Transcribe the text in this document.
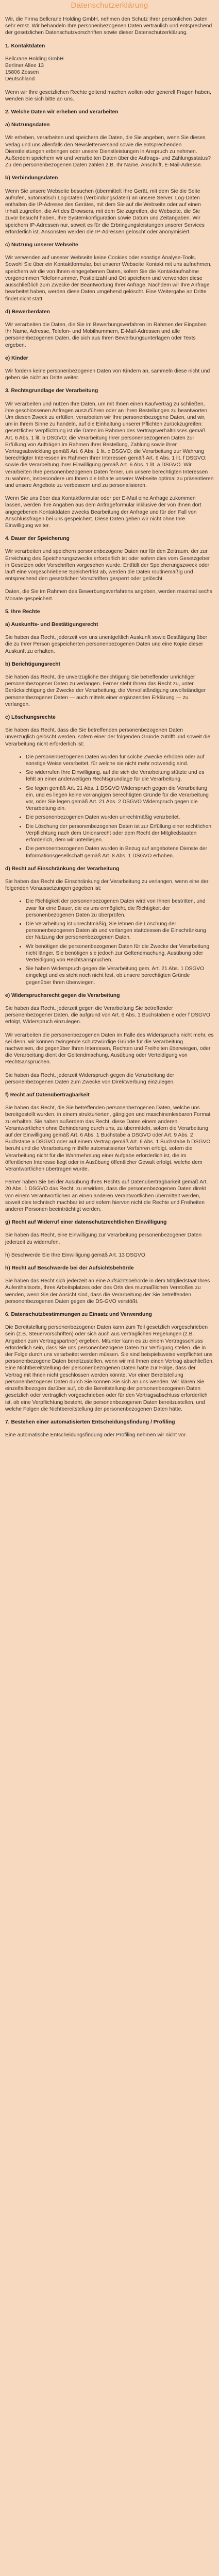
Datenschutzerklärung

Wir, die Firma Bellcrane Holding GmbH, nehmen den Schutz Ihrer persönlichen Daten sehr ernst. Wir behandeln Ihre personenbezogenen Daten vertraulich und entsprechend der gesetzlichen Datenschutzvorschriften sowie dieser Datenschutzerklärung.

1. Kontaktdaten
Bellcrane Holding GmbH
Berliner Allee 13
15806 Zossen
Deutschland

Wenn wir Ihre gesetzlichen Rechte geltend machen wollen oder generell Fragen haben, wenden Sie sich bitte an uns.

2. Welche Daten wir erheben und verarbeiten
a) Nutzungsdaten

Wir erheben, verarbeiten und speichern die Daten, die Sie angeben, wenn Sie dieses Verlag und uns allenfalls den Newsletterversand sowie die entsprechenden Dienstleistungen erbringen oder unsere Dienstleistungen in Anspruch zu nehmen. Außerdem speichern wir und verarbeiten Daten über die Auftrags- und Zahlungsstatus? Zu den personenbezogenen Daten zählen z.B. Ihr Name, Anschrift, E-Mail-Adresse.

b) Verbindungsdaten

Wenn Sie unsere Webseite besuchen (übermittelt Ihre Gerät, mit dem Sie die Seite aufrufen, automatisch Log-Daten (Verbindungsdaten) an unsere Server. Log-Daten enthalten die IP-Adresse des Gerätes, mit dem Sie auf die Webseite oder auf einen Inhalt zugreifen, die Art des Browsers, mit dem Sie zugreifen, die Webseite, die Sie zuvor besucht haben, Ihre Systemkonfiguration sowie Datum und Zeitangaben. Wir speichern IP-Adressen nur, soweit es für die Erbringungsleistungen unserer Services erforderlich ist. Ansonsten werden die IP-Adressen gelöscht oder anonymisiert.

c) Nutzung unserer Webseite

Wir verwenden auf unserer Webseite keine Cookies oder sonstige Analyse-Tools. Sowohl Sie über ein Kontaktformular, bei unserer Webseite Kontakt mit uns aufnehmen, speichern wir die von Ihnen eingegebenen Daten, sofern Sie die Kontaktaufnahme vorgenommen Telefonnummer, Postleitzahl und Ort speichern und verwenden diese ausschließlich zum Zwecke der Beantwortung Ihrer Anfrage. Nachdem wir Ihre Anfrage bearbeitet haben, werden diese Daten umgehend gelöscht. Eine Weitergabe an Dritte findet nicht statt.

d) Bewerberdaten

Wir verarbeiten die Daten, die Sie im Bewerbungsverfahren im Rahmen der Eingaben Ihr Name, Adresse, Telefon- und Mobilnummern, E-Mail-Adressen und alle personenbezogenen Daten, die sich aus Ihren Bewerbungsunterlagen oder Texts ergeben.

e) Kinder

Wir fordern keine personenbezogenen Daten von Kindern an, sammeln diese nicht und geben sie nicht an Dritte weiter.

3. Rechtsgrundlage der Verarbeitung

Wir verarbeiten und nutzen Ihre Daten, um mit Ihnen einen Kaufvertrag zu schließen, ihre geschlossenen Anfragen auszuführen oder an Ihren Bestellungen zu beantworten. Um diesen Zweck zu erfüllen, verarbeiten wir Ihre personenbezogene Daten, und wir, um in Ihrem Sinne zu handeln, auf die Einhaltung unserer Pflichten zurückzugreifen: gesetzlicher Verpflichtung ist die Daten im Rahmen des Vertragsverhältnisses gemäß Art. 6 Abs. 1 lit. b DSGVO; die Verarbeitung Ihrer personenbezogenen Daten zur Erfüllung von Aufträgen im Rahmen Ihrer Bestellung, Zahlung sowie ihrer Vertragsabwicklung gemäß Art. 6 Abs. 1 lit. c DSGVO; die Verarbeitung zur Wahrung berechtigter Interessen im Rahmen Ihrer Interessen gemäß Art. 6 Abs. 1 lit. f DSGVO; sowie die Verarbeitung Ihrer Einwilligung gemäß Art. 6 Abs. 1 lit. a DSGVO. Wir verarbeiten Ihre personenbezogenen Daten ferner, um unsere berechtigten Interessen zu wahren, insbesondere um Ihnen die Inhalte unserer Webseite optimal zu präsentieren und unsere Angebote zu verbessern und zu personalisieren.

Wenn Sie uns über das Kontaktformular oder per E-Mail eine Anfrage zukommen lassen, werden Ihre Angaben aus dem Anfrageformular inklusive der von Ihnen dort angegebenen Kontaktdaten zwecks Bearbeitung der Anfrage und für den Fall von Anschlussfragen bei uns gespeichert. Diese Daten geben wir nicht ohne Ihre Einwilligung weiter.

4. Dauer der Speicherung

Wir verarbeiten und speichern personenbezogene Daten nur für den Zeitraum, der zur Erreichung des Speicherungszwecks erforderlich ist oder sofern dies vom Gesetzgeber in Gesetzen oder Vorschriften vorgesehen wurde. Entfällt der Speicherungszweck oder läuft eine vorgeschriebene Speicherfrist ab, werden die Daten routinemäßig und entsprechend den gesetzlichen Vorschriften gesperrt oder gelöscht.

Daten, die Sie im Rahmen des Bewerbungsverfahrens angeben, werden maximal sechs Monate gespeichert.

5. Ihre Rechte
a) Auskunfts- und Bestätigungsrecht

Sie haben das Recht, jederzeit von uns unentgeltlich Auskunft sowie Bestätigung über die zu Ihrer Person gespeicherten personenbezogenen Daten und eine Kopie dieser Auskunft zu erhalten.

b) Berichtigungsrecht

Sie haben das Recht, die unverzügliche Berichtigung Sie betreffender unrichtiger personenbezogener Daten zu verlangen. Ferner steht Ihnen das Recht zu, unter Berücksichtigung der Zwecke der Verarbeitung, die Vervollständigung unvollständiger personenbezogener Daten — auch mittels einer ergänzenden Erklärung — zu verlangen.

c) Löschungsrechte

Sie haben das Recht, dass die Sie betreffenden personenbezogenen Daten unverzüglich gelöscht werden, sofern einer der folgenden Gründe zutrifft und soweit die Verarbeitung nicht erforderlich ist:

• Die personenbezogenen Daten wurden für solche Zwecke erhoben oder auf sonstige Weise verarbeitet, für welche sie nicht mehr notwendig sind.
• Sie widerrufen Ihre Einwilligung, auf die sich die Verarbeitung stützte und es fehlt an einer anderweitigen Rechtsgrundlage für die Verarbeitung.
• Sie legen gemäß Art. 21 Abs. 1 DSGVO Widerspruch gegen die Verarbeitung ein, und es liegen keine vorrangigen berechtigten Gründe für die Verarbeitung vor, oder Sie legen gemäß Art. 21 Abs. 2 DSGVO Widerspruch gegen die Verarbeitung ein.
• Die personenbezogenen Daten wurden unrechtmäßig verarbeitet.
• Die Löschung der personenbezogenen Daten ist zur Erfüllung einer rechtlichen Verpflichtung nach dem Unionsrecht oder dem Recht der Mitgliedstaaten erforderlich, dem wir unterliegen.
• Die personenbezogenen Daten wurden in Bezug auf angebotene Dienste der Informationsgesellschaft gemäß Art. 8 Abs. 1 DSGVO erhoben.
d) Recht auf Einschränkung der Verarbeitung

Sie haben das Recht die Einschränkung der Verarbeitung zu verlangen, wenn eine der folgenden Voraussetzungen gegeben ist:

• Die Richtigkeit der personenbezogenen Daten wird von Ihnen bestritten, und zwar für eine Dauer, die es uns ermöglicht, die Richtigkeit der personenbezogenen Daten zu überprüfen.
• Die Verarbeitung ist unrechtmäßig, Sie lehnen die Löschung der personenbezogenen Daten ab und verlangen stattdessen die Einschränkung der Nutzung der personenbezogenen Daten.
• Wir benötigen die personenbezogenen Daten für die Zwecke der Verarbeitung nicht länger, Sie benötigen sie jedoch zur Geltendmachung, Ausübung oder Verteidigung von Rechtsansprüchen.
• Sie haben Widerspruch gegen die Verarbeitung gem. Art. 21 Abs. 1 DSGVO eingelegt und es steht noch nicht fest, ob unsere berechtigten Gründe gegenüber Ihren überwiegen.
e) Widerspruchsrecht gegen die Verarbeitung

Sie haben das Recht, jederzeit gegen die Verarbeitung Sie betreffender personenbezogener Daten, die aufgrund von Art. 6 Abs. 1 Buchstaben e oder f DSGVO erfolgt, Widerspruch einzulegen.

Wir verarbeiten die personenbezogenen Daten im Falle des Widerspruchs nicht mehr, es sei denn, wir können zwingende schutzwürdige Gründe für die Verarbeitung nachweisen, die gegenüber Ihren Interessen, Rechten und Freiheiten überwiegen, oder die Verarbeitung dient der Geltendmachung, Ausübung oder Verteidigung von Rechtsansprüchen.

Sie haben das Recht, jederzeit Widerspruch gegen die Verarbeitung der personenbezogenen Daten zum Zwecke von Direktwerbung einzulegen.

f) Recht auf Datenübertragbarkeit

Sie haben das Recht, die Sie betreffenden personenbezogenen Daten, welche uns bereitgestellt wurden, in einem strukturierten, gängigen und maschinenlesbaren Format zu erhalten. Sie haben außerdem das Recht, diese Daten einem anderen Verantwortlichen ohne Behinderung durch uns, zu übermitteln, sofern die Verarbeitung auf der Einwilligung gemäß Art. 6 Abs. 1 Buchstabe a DSGVO oder Art. 9 Abs. 2 Buchstabe a DSGVO oder auf einem Vertrag gemäß Art. 6 Abs. 1 Buchstabe b DSGVO beruht und die Verarbeitung mithilfe automatisierter Verfahren erfolgt, sofern die Verarbeitung nicht für die Wahrnehmung einer Aufgabe erforderlich ist, die im öffentlichen Interesse liegt oder in Ausübung öffentlicher Gewalt erfolgt, welche dem Verantwortlichen übertragen wurde.

Ferner haben Sie bei der Ausübung Ihres Rechts auf Datenübertragbarkeit gemäß Art. 20 Abs. 1 DSGVO das Recht, zu erwirken, dass die personenbezogenen Daten direkt von einem Verantwortlichen an einen anderen Verantwortlichen übermittelt werden, soweit dies technisch machbar ist und sofern hiervon nicht die Rechte und Freiheiten anderer Personen beeinträchtigt werden.

g) Recht auf Widerruf einer datenschutzrechtlichen Einwilligung

Sie haben das Recht, eine Einwilligung zur Verarbeitung personenbezogener Daten jederzeit zu widerrufen.

h) Beschwerde Sie Ihre Einwilligung gemäß Art. 13 DSGVO

h) Recht auf Beschwerde bei der Aufsichtsbehörde

Sie haben das Recht sich jederzeit an eine Aufsichtsbehörde in dem Mitgliedstaat Ihres Aufenthaltsorts, Ihres Arbeitsplatzes oder des Orts des mutmaßlichen Verstoßes zu wenden, wenn Sie der Ansicht sind, dass die Verarbeitung der Sie betreffenden personenbezogenen Daten gegen die DS-GVO verstößt.

6. Datenschutzbestimmungen zu Einsatz und Verwendung

Die Bereitstellung personenbezogener Daten kann zum Teil gesetzlich vorgeschrieben sein (z.B. Steuervorschriften) oder sich auch aus vertraglichen Regelungen (z.B. Angaben zum Vertragspartner) ergeben. Mitunter kann es zu einem Vertragsschluss erforderlich sein, dass Sie uns personenbezogene Daten zur Verfügung stellen, die in der Folge durch uns verarbeitet werden müssen. Sie sind beispielsweise verpflichtet uns personenbezogene Daten bereitzustellen, wenn wir mit Ihnen einen Vertrag abschließen. Eine Nichtbereitstellung der personenbezogenen Daten hätte zur Folge, dass der Vertrag mit Ihnen nicht geschlossen werden könnte. Vor einer Bereitstellung personenbezogener Daten durch Sie können Sie sich an uns wenden. Wir klären Sie einzelfallbezogen darüber auf, ob die Bereitstellung der personenbezogenen Daten gesetzlich oder vertraglich vorgeschrieben oder für den Vertragsabschluss erforderlich ist, ob eine Verpflichtung besteht, die personenbezogenen Daten bereitzustellen, und welche Folgen die Nichtbereitstellung der personenbezogenen Daten hätte.

7. Bestehen einer automatisierten Entscheidungsfindung / Profiling

Eine automatische Entscheidungsfindung oder Profiling nehmen wir nicht vor.
